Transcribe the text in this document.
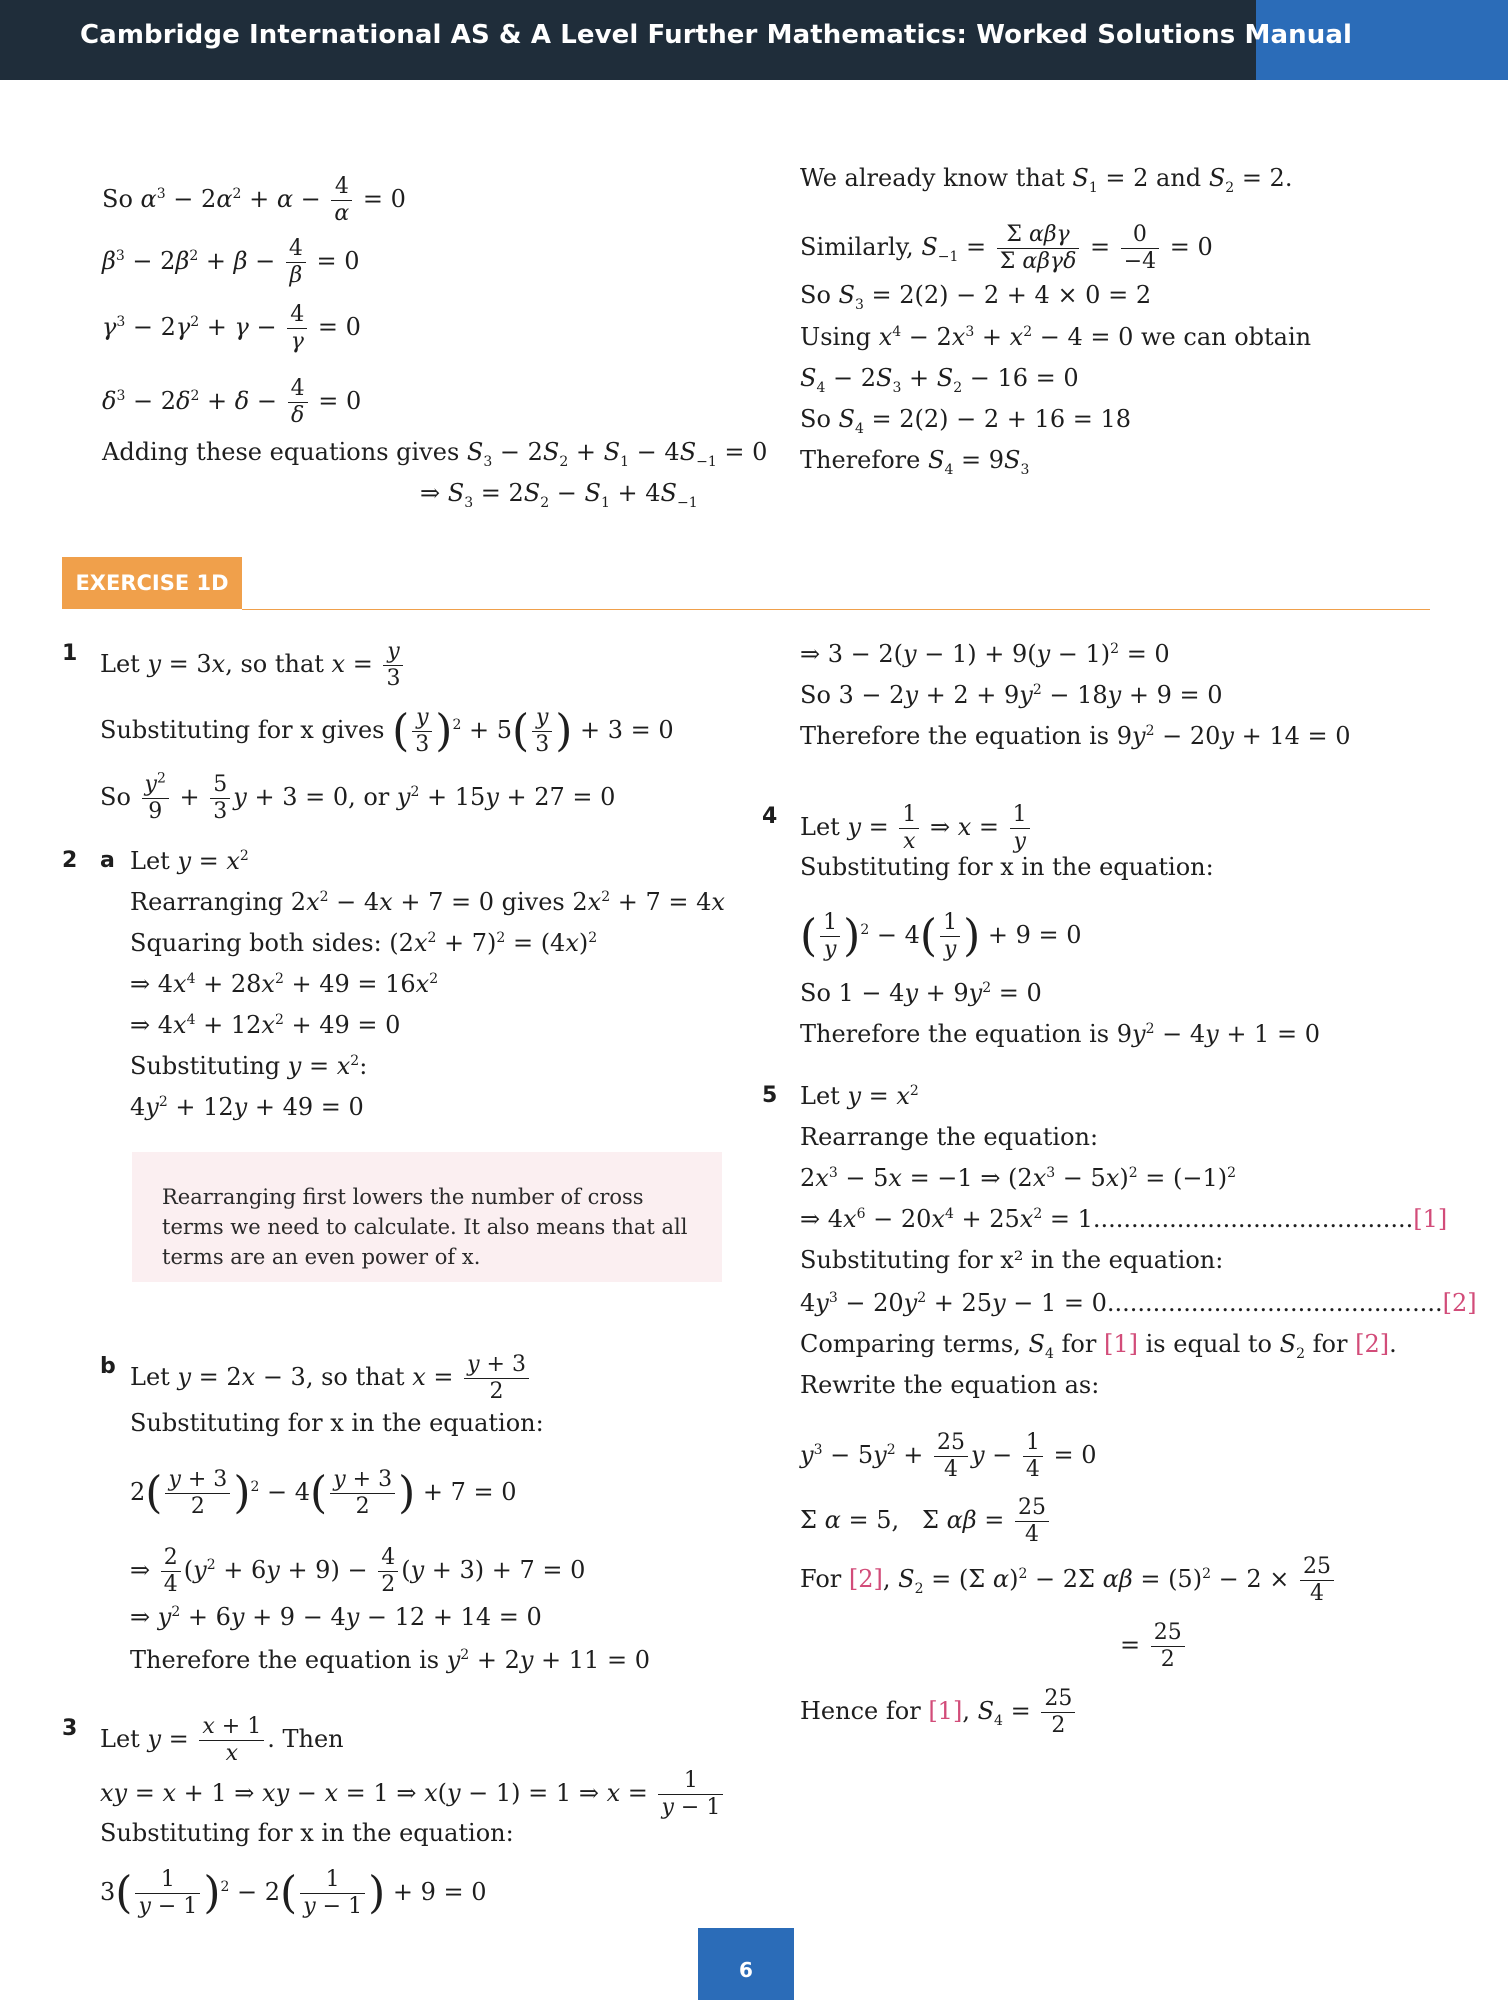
Cambridge International AS & A Level Further Mathematics: Worked Solutions Manual
So $\alpha^3 - 2\alpha^2 + \alpha - \frac{4}{\alpha} = 0$
$\beta^3 - 2\beta^2 + \beta - \frac{4}{\beta} = 0$
$\gamma^3 - 2\gamma^2 + \gamma - \frac{4}{\gamma} = 0$
$\delta^3 - 2\delta^2 + \delta - \frac{4}{\delta} = 0$
Adding these equations gives $S_3 - 2S_2 + S_1 - 4S_{-1} = 0$
⇒ $S_3 = 2S_2 - S_1 + 4S_{-1}$
We already know that $S_1 = 2$ and $S_2 = 2$.
Similarly, $S_{-1} = \Sigma$ αβγ
Σ αβγδ
= $\frac{0}{-4} = 0$
So $S_3 = 2(2) - 2 + 4 \times 0 = 2$
Using $x^4 - 2x^3 + x^2 - 4 = 0$ we can obtain
$S_4 - 2S_3 + S_2 - 16 = 0$
So $S_4 = 2(2) - 2 + 16 = 18$
Therefore $S_4 = 9S_3$
EXERCISE 1D
1 Let y = 3x, so that $x = \frac{y}{3}$
Substituting for x gives ( $\frac{y}{3} )^2 + 5( \frac{y}{3}$ ) + 3 = 0
So $\frac{y^2}{9} + \frac{5}{3}$ y + 3 = 0, or $y^2 + 15y + 27 = 0$
2 a Let $y = x^2$
Rearranging $2x^2 - 4x + 7 = 0$ gives $2x^2 + 7 = 4x$
Squaring both sides: $(2x^2 + 7)^2 = (4x)^2$
⇒ $4x^4 + 28x^2 + 49 = 16x^2$
⇒ $4x^4 + 12x^2 + 49 = 0$
Substituting $y = x^2$:
$4y^2 + 12y + 49 = 0$
Rearranging first lowers the number of cross terms we need to calculate. It also means that all terms are an even power of x.
b Let y = 2x − 3, so that $x = \frac{y + 3}{2}$
Substituting for x in the equation:
$2( \frac{y + 3}{2} )^2 - 4( \frac{y + 3}{2}$ ) + 7 = 0
⇒ $\frac{2}{4} (y^2 + 6y + 9) - \frac{4}{2} (y + 3) + 7 = 0$
⇒ $y^2 + 6y + 9 - 4y - 12 + 14 = 0$
Therefore the equation is $y^2 + 2y + 11 = 0$
3 Let $y = \frac{x + 1}{x}$ . Then
xy = x + 1 ⇒ xy − x = 1 ⇒ x(y − 1) = 1 ⇒ $x = \frac{1}{y - 1}$
Substituting for x in the equation:
$3( \frac{1}{y - 1} )^2 - 2( \frac{1}{y - 1}$ ) + 9 = 0
⇒ $3 - 2(y - 1) + 9(y - 1)^2 = 0$
So $3 - 2y + 2 + 9y^2 - 18y + 9 = 0$
Therefore the equation is $9y^2 - 20y + 14 = 0$
4 Let $y = \frac{1}{x}$ ⇒ $x = \frac{1}{y}$
Substituting for x in the equation:
( $\frac{1}{y} )^2 - 4( \frac{1}{y}$ ) + 9 = 0
So $1 - 4y + 9y^2 = 0$
Therefore the equation is $9y^2 - 4y + 1 = 0$
5 Let $y = x^2$
Rearrange the equation:
$2x^3 - 5x = -1$ ⇒ $(2x^3 - 5x)^2 = (-1)^2$
⇒ $4x^6 - 20x^4 + 25x^2 = 1..........................................[1]$
Substituting for x² in the equation:
$4y^3 - 20y^2 + 25y - 1 = 0............................................[2]$
Comparing terms, $S_4$ for [1] is equal to $S_2$ for [2].
Rewrite the equation as:
$y^3 - 5y^2 + \frac{25}{4}$ $y - \frac{1}{4} = 0$
Σ α = 5,   Σ $\alpha\beta = \frac{25}{4}$
For [2], $S_2 = (\Sigma$ α)$^2$ − 2Σ $\alpha\beta = (5)^2 - 2 \times \frac{25}{4}$
= $\frac{25}{2}$
Hence for [1], $S_4 = \frac{25}{2}$
6
